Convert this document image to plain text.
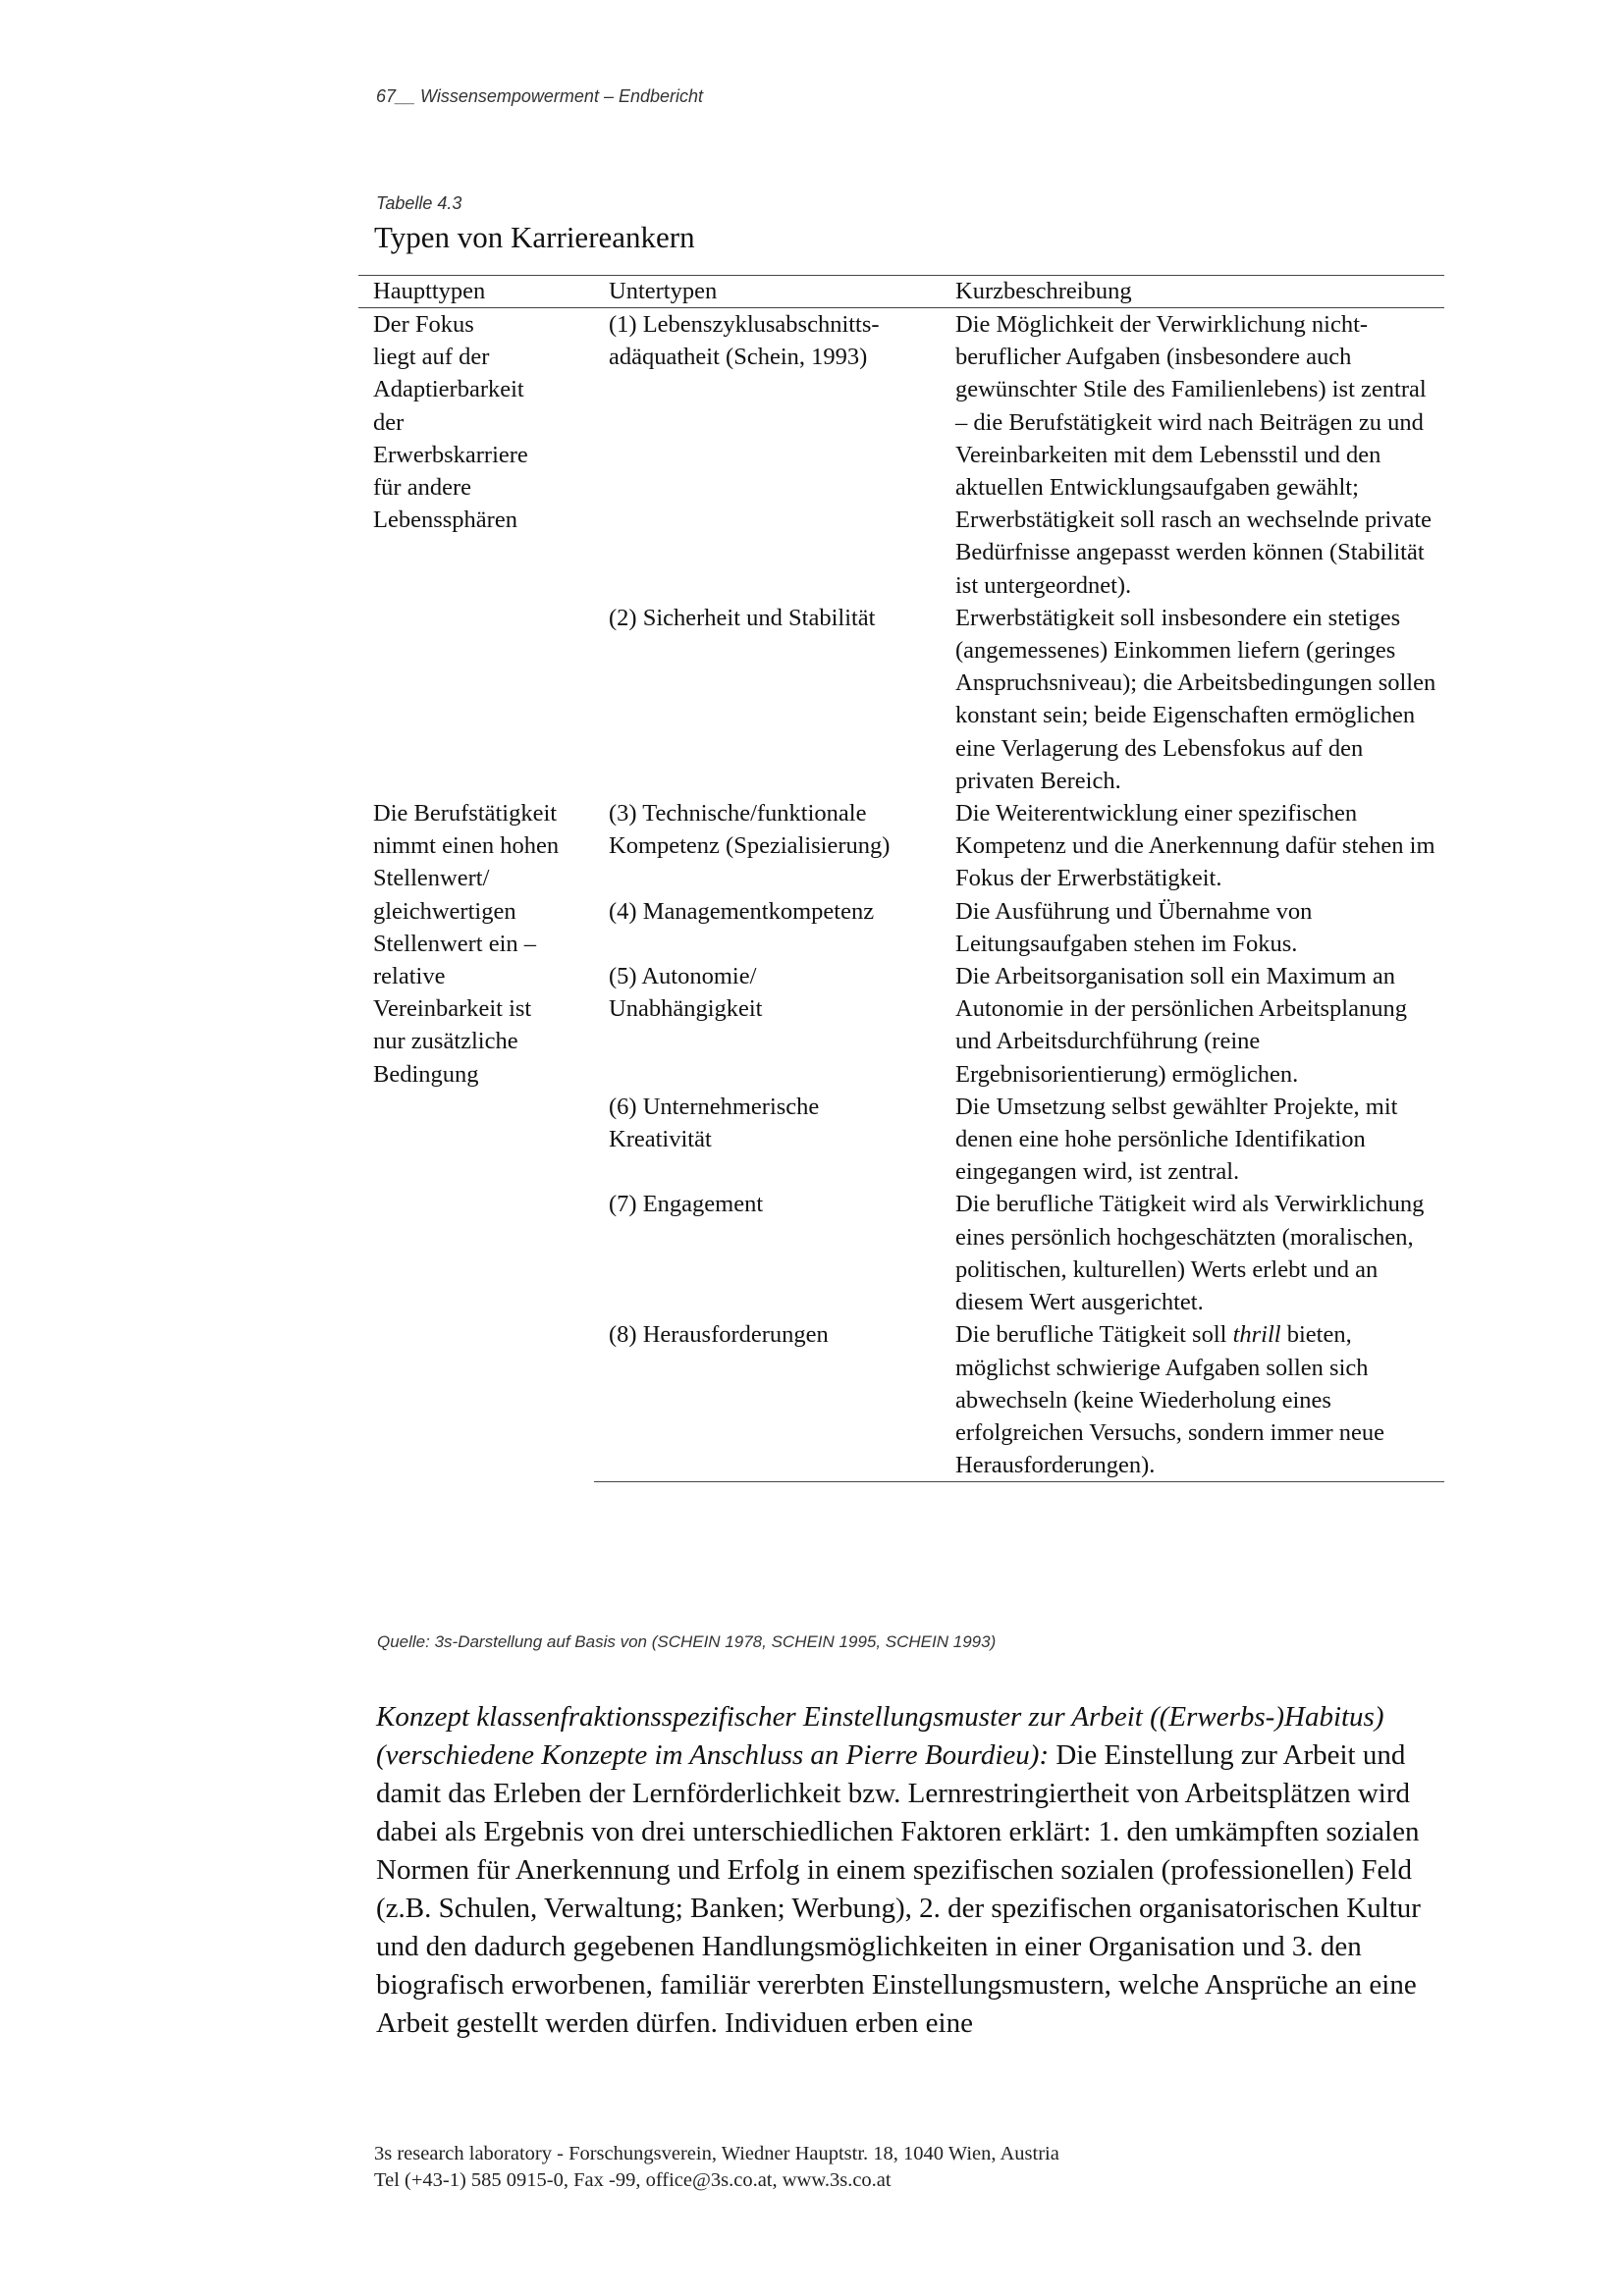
67__ Wissensempowerment – Endbericht
Tabelle 4.3
Typen von Karriereankern
Haupttypen	Untertypen	Kurzbeschreibung

Der Fokus liegt auf der Adaptierbarkeit der Erwerbskarriere für andere Lebenssphären	(1) Lebenszyklusabschnitts-adäquatheit (Schein, 1993)	Die Möglichkeit der Verwirklichung nicht-beruflicher Aufgaben (insbesondere auch gewünschter Stile des Familienlebens) ist zentral – die Berufstätigkeit wird nach Beiträgen zu und Vereinbarkeiten mit dem Lebensstil und den aktuellen Entwicklungsaufgaben gewählt; Erwerbstätigkeit soll rasch an wechselnde private Bedürfnisse angepasst werden können (Stabilität ist untergeordnet).
	(2) Sicherheit und Stabilität	Erwerbstätigkeit soll insbesondere ein stetiges (angemessenes) Einkommen liefern (geringes Anspruchsniveau); die Arbeitsbedingungen sollen konstant sein; beide Eigenschaften ermöglichen eine Verlagerung des Lebensfokus auf den privaten Bereich.

Die Berufstätigkeit nimmt einen hohen Stellenwert/ gleichwertigen Stellenwert ein – relative Vereinbarkeit ist nur zusätzliche Bedingung	(3) Technische/funktionale Kompetenz (Spezialisierung)	Die Weiterentwicklung einer spezifischen Kompetenz und die Anerkennung dafür stehen im Fokus der Erwerbstätigkeit.
	(4) Managementkompetenz	Die Ausführung und Übernahme von Leitungsaufgaben stehen im Fokus.

	(5) Autonomie/ Unabhängigkeit	Die Arbeitsorganisation soll ein Maximum an Autonomie in der persönlichen Arbeitsplanung und Arbeitsdurchführung (reine Ergebnisorientierung) ermöglichen.

	(6) Unternehmerische Kreativität	Die Umsetzung selbst gewählter Projekte, mit denen eine hohe persönliche Identifikation eingegangen wird, ist zentral.
	(7) Engagement	Die berufliche Tätigkeit wird als Verwirklichung eines persönlich hochgeschätzten (moralischen, politischen, kulturellen) Werts erlebt und an diesem Wert ausgerichtet.
	(8) Herausforderungen	Die berufliche Tätigkeit soll thrill bieten, möglichst schwierige Aufgaben sollen sich abwechseln (keine Wiederholung eines erfolgreichen Versuchs, sondern immer neue Herausforderungen).
Quelle: 3s-Darstellung auf Basis von (SCHEIN 1978, SCHEIN 1995, SCHEIN 1993)

Konzept klassenfraktionsspezifischer Einstellungsmuster zur Arbeit ((Erwerbs-)Habitus) (verschiedene Konzepte im Anschluss an Pierre Bourdieu): Die Einstellung zur Arbeit und damit das Erleben der Lernförderlichkeit bzw. Lernrestringiertheit von Arbeitsplätzen wird dabei als Ergebnis von drei unterschiedlichen Faktoren erklärt: 1. den umkämpften sozialen Normen für Anerkennung und Erfolg in einem spezifischen sozialen (professionellen) Feld (z.B. Schulen, Verwaltung; Banken; Werbung), 2. der spezifischen organisatorischen Kultur und den dadurch gegebenen Handlungsmöglichkeiten in einer Organisation und 3. den biografisch erworbenen, familiär vererbten Einstellungsmustern, welche Ansprüche an eine Arbeit gestellt werden dürfen. Individuen erben eine

3s research laboratory - Forschungsverein, Wiedner Hauptstr. 18, 1040 Wien, Austria
Tel (+43-1) 585 0915-0, Fax -99, office@3s.co.at, www.3s.co.at
